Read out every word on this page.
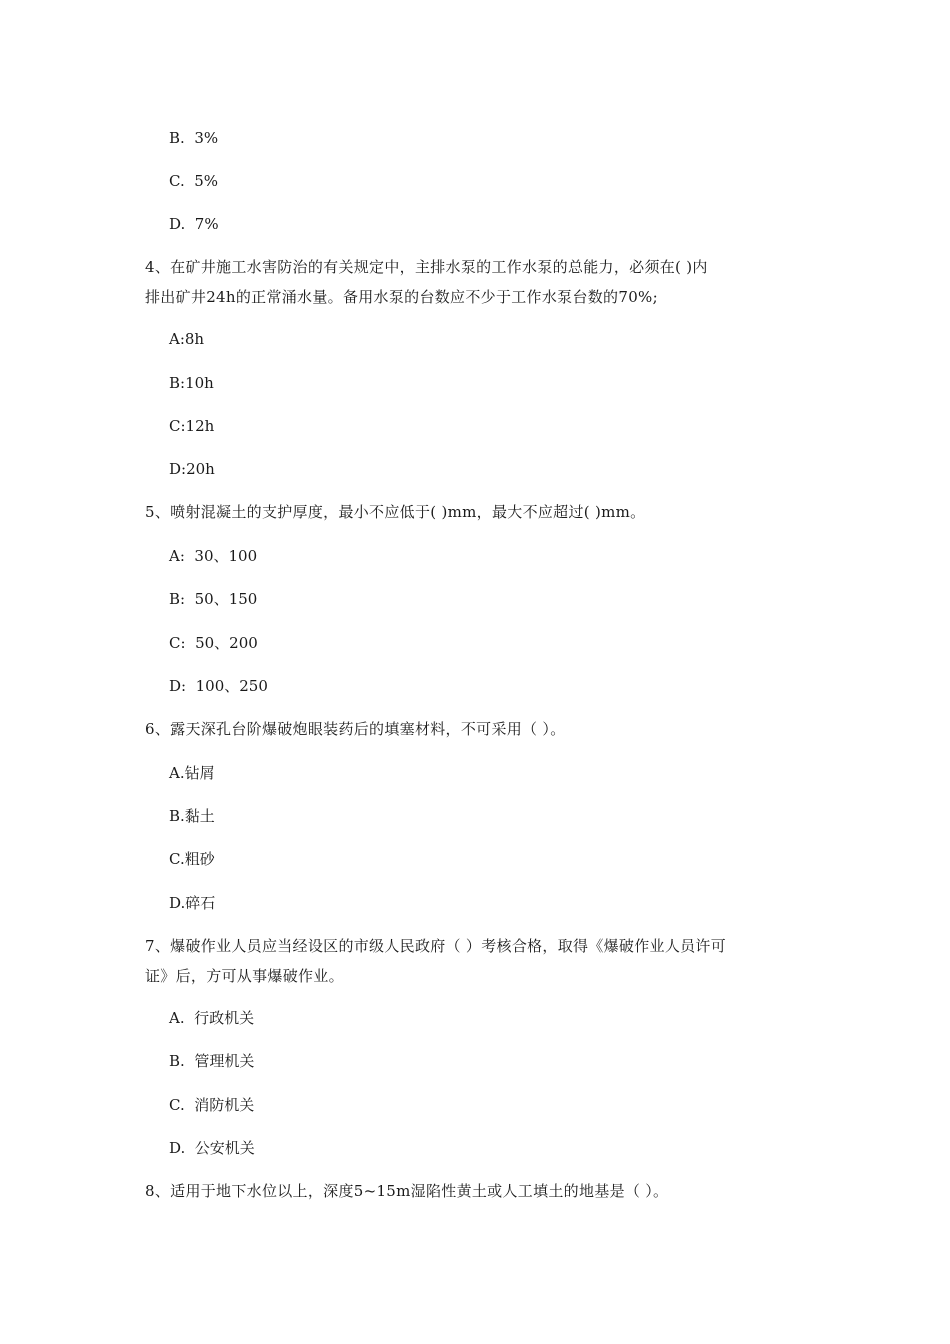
B.  3%
C.  5%
D.  7%
4、在矿井施工水害防治的有关规定中，主排水泵的工作水泵的总能力，必须在( )内
排出矿井24h的正常涌水量。备用水泵的台数应不少于工作水泵台数的70%;
A:8h
B:10h
C:12h
D:20h
5、喷射混凝土的支护厚度，最小不应低于( )mm，最大不应超过( )mm。
A:  30、100
B:  50、150
C:  50、200
D:  100、250
6、露天深孔台阶爆破炮眼装药后的填塞材料，不可采用（ ）。
A.钻屑
B.黏土
C.粗砂
D.碎石
7、爆破作业人员应当经设区的市级人民政府（ ）考核合格，取得《爆破作业人员许可
证》后，方可从事爆破作业。
A.  行政机关
B.  管理机关
C.  消防机关
D.  公安机关
8、适用于地下水位以上，深度5~15m湿陷性黄土或人工填土的地基是（ ）。
